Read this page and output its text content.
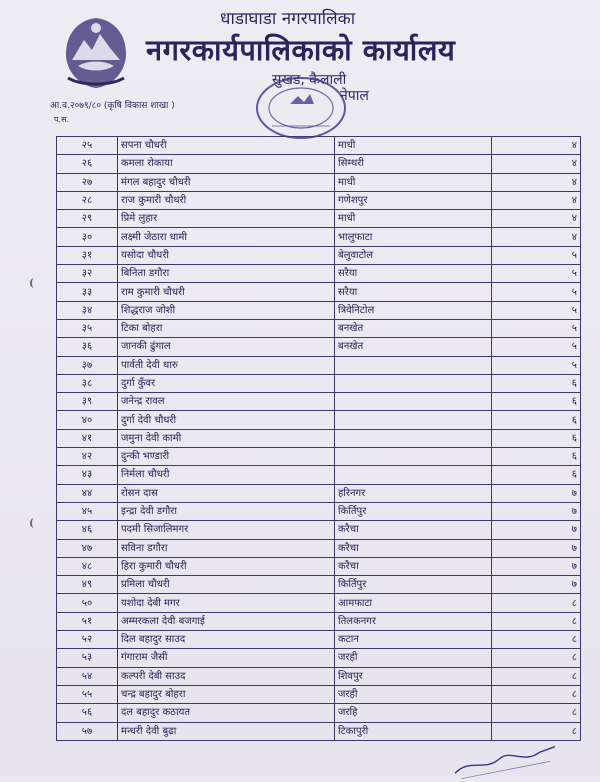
धाडाघाडा नगरपालिका
नगरकार्यपालिकाको कार्यालय
सुखड, कैलाली
नेपाल
आ.व.२०७९/८० (कृषि विकास शाखा )
प.स.
२५	सपना चौधरी	माधी	४
२६	कमला रोकाया	सिम्थरी	४
२७	मंगल बहादुर चौधरी	माधी	४
२८	राज कुमारी चौधरी	गणेशपुर	४
२९	प्रिमे लुहार	माधी	४
३०	लक्ष्मी जेठारा धामी	भालुफाटा	४
३१	यसोदा चौधरी	बेलुवाटोल	५
३२	बिनिता डगौरा	सरैया	५
३३	राम कुमारी चौधरी	सरैया	५
३४	शिद्धराज जोशी	त्रिवेनिटोल	५
३५	टिका बोहरा	बनखेत	५
३६	जानकी ढुंगाल	बनखेत	५
३७	पार्वती देवी थारु		५
३८	दुर्गा कुँवर		६
३९	जनेन्द्र रावल		६
४०	दुर्गा देवी चौधरी		६
४१	जमुना देवी कामी		६
४२	दुन्की भण्डारी		६
४३	निर्मला चौधरी		६
४४	रोसन दास	हरिनगर	७
४५	इन्द्रा देवी डगौरा	किर्तिपुर	७
४६	पदमी सिजालिमगर	करैचा	७
४७	सविना डगौरा	करैचा	७
४८	हिरा कुमारी चौधरी	करैचा	७
४९	प्रमिला चौधरी	किर्तिपुर	७
५०	यशोदा देबी मगर	आमफाटा	८
५१	अम्मरकला देवी बजगाई	तिलकनगर	८
५२	दिल बहादुर साउद	कटान	८
५३	गंगाराम जैसी	जरही	८
५४	कल्परी देबी साउद	शिवपुर	८
५५	चन्द्र बहादुर बोहरा	जरही	८
५६	दल बहादुर कठायत	जरहि	८
५७	मन्धरी देवी बुढा	टिकापुरी	८
